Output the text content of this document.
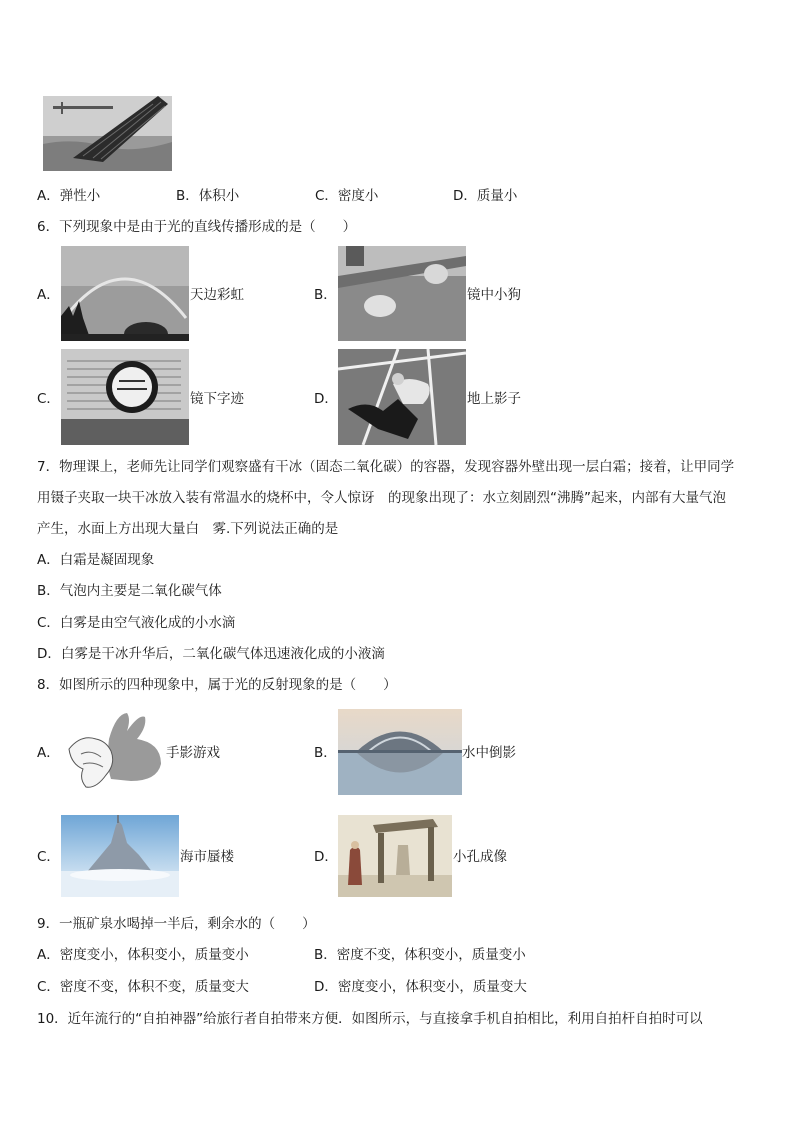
A．弹性小	B．体积小	C．密度小	D．质量小
6．下列现象中是由于光的直线传播形成的是（　　）
A．	天边彩虹	B．	镜中小狗
C．	镜下字迹	D．	地上影子
7．物理课上，老师先让同学们观察盛有干冰（固态二氧化碳）的容器，发现容器外壁出现一层白霜；接着，让甲同学
用镊子夹取一块干冰放入装有常温水的烧杯中，令人惊讶　的现象出现了：水立刻剧烈“沸腾”起来，内部有大量气泡
产生，水面上方出现大量白　雾.下列说法正确的是
A．白霜是凝固现象
B．气泡内主要是二氧化碳气体
C．白雾是由空气液化成的小水滴
D．白雾是干冰升华后，二氧化碳气体迅速液化成的小液滴
8．如图所示的四种现象中，属于光的反射现象的是（　　）
A．	手影游戏	B．	水中倒影
C．	海市蜃楼	D．	小孔成像
9．一瓶矿泉水喝掉一半后，剩余水的（　　）
A．密度变小，体积变小，质量变小	B．密度不变，体积变小，质量变小
C．密度不变，体积不变，质量变大	D．密度变小，体积变小，质量变大
10．近年流行的“自拍神器”给旅行者自拍带来方便．如图所示，与直接拿手机自拍相比，利用自拍杆自拍时可以
